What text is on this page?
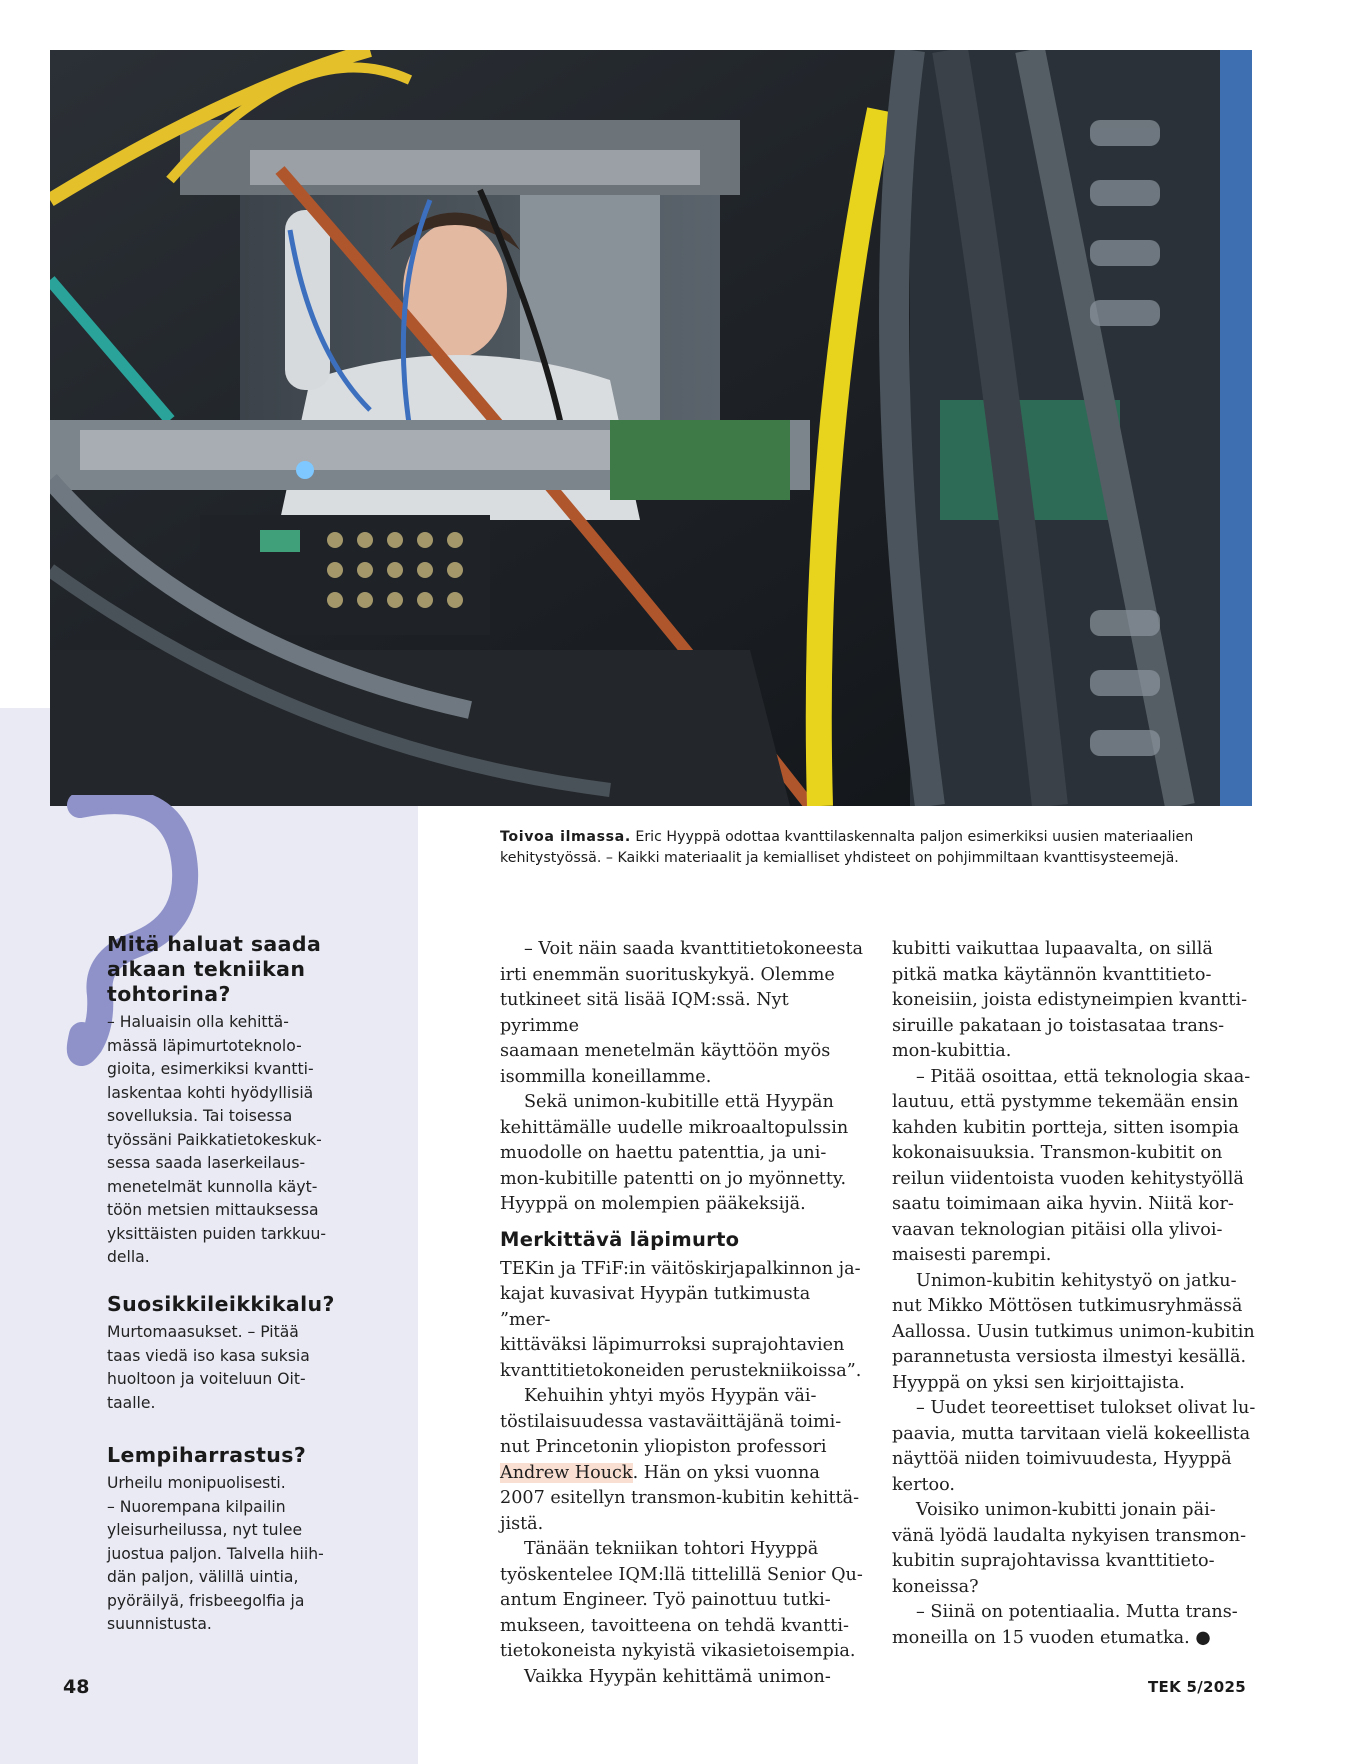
Toivoa ilmassa. Eric Hyyppä odottaa kvanttilaskennalta paljon esimerkiksi uusien materiaalien kehitystyössä. – Kaikki materiaalit ja kemialliset yhdisteet on pohjimmiltaan kvanttisysteemejä.
Mitä haluat saada aikaan tekniikan tohtorina?

– Haluaisin olla kehittä-
mässä läpimurtoteknolo-
gioita, esimerkiksi kvantti-
laskentaa kohti hyödyllisiä
sovelluksia. Tai toisessa
työssäni Paikkatietokeskuk-
sessa saada laserkeilaus-
menetelmät kunnolla käyt-
töön metsien mittauksessa
yksittäisten puiden tarkkuu-
della.

Suosikkileikkikalu?

Murtomaasukset. – Pitää
taas viedä iso kasa suksia
huoltoon ja voiteluun Oit-
taalle.

Lempiharrastus?

Urheilu monipuolisesti.
– Nuorempana kilpailin
yleisurheilussa, nyt tulee
juostua paljon. Talvella hiih-
dän paljon, välillä uintia,
pyöräilyä, frisbeegolfia ja
suunnistusta.

– Voit näin saada kvanttitietokoneesta
irti enemmän suorituskykyä. Olemme
tutkineet sitä lisää IQM:ssä. Nyt pyrimme
saamaan menetelmän käyttöön myös
isommilla koneillamme.

Sekä unimon-kubitille että Hyypän
kehittämälle uudelle mikroaaltopulssin
muodolle on haettu patenttia, ja uni-
mon-kubitille patentti on jo myönnetty.
Hyyppä on molempien pääkeksijä.

Merkittävä läpimurto

TEKin ja TFiF:in väitöskirjapalkinnon ja-
kajat kuvasivat Hyypän tutkimusta ”mer-
kittäväksi läpimurroksi suprajohtavien
kvanttitietokoneiden perustekniikoissa”.

Kehuihin yhtyi myös Hyypän väi-
töstilaisuudessa vastaväittäjänä toimi-
nut Princetonin yliopiston professori
Andrew Houck. Hän on yksi vuonna
2007 esitellyn transmon-kubitin kehittä-
jistä.

Tänään tekniikan tohtori Hyyppä
työskentelee IQM:llä tittelillä Senior Qu-
antum Engineer. Työ painottuu tutki-
mukseen, tavoitteena on tehdä kvantti-
tietokoneista nykyistä vikasietoisempia.

Vaikka Hyypän kehittämä unimon-

kubitti vaikuttaa lupaavalta, on sillä
pitkä matka käytännön kvanttitieto-
koneisiin, joista edistyneimpien kvantti-
siruille pakataan jo toistasataa trans-
mon-kubittia.

– Pitää osoittaa, että teknologia skaa-
lautuu, että pystymme tekemään ensin
kahden kubitin portteja, sitten isompia
kokonaisuuksia. Transmon-kubitit on
reilun viidentoista vuoden kehitystyöllä
saatu toimimaan aika hyvin. Niitä kor-
vaavan teknologian pitäisi olla ylivoi-
maisesti parempi.

Unimon-kubitin kehitystyö on jatku-
nut Mikko Möttösen tutkimusryhmässä
Aallossa. Uusin tutkimus unimon-kubitin
parannetusta versiosta ilmestyi kesällä.
Hyyppä on yksi sen kirjoittajista.

– Uudet teoreettiset tulokset olivat lu-
paavia, mutta tarvitaan vielä kokeellista
näyttöä niiden toimivuudesta, Hyyppä
kertoo.

Voisiko unimon-kubitti jonain päi-
vänä lyödä laudalta nykyisen transmon-
kubitin suprajohtavissa kvanttitieto-
koneissa?

– Siinä on potentiaalia. Mutta trans-
moneilla on 15 vuoden etumatka. ●

48	TEK 5/2025
